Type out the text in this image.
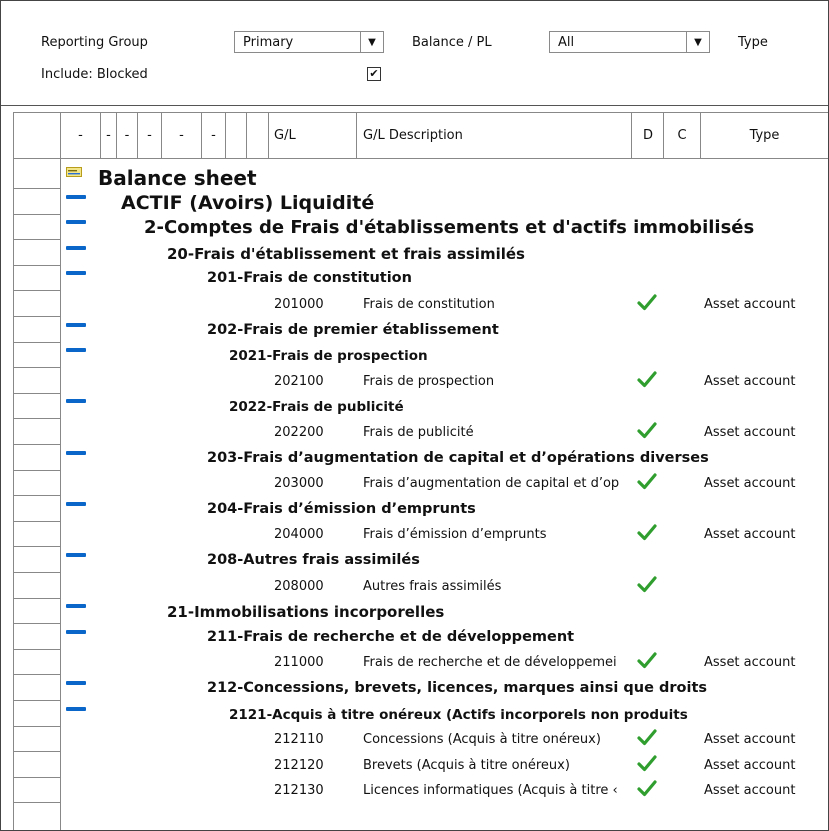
Reporting Group	Primary	▼	Balance / PL	All	▼	Type
Include: Blocked	✔
-	-	-	-	-	-	G/L	G/L Description	D	C	Type
Balance sheet
ACTIF (Avoirs) Liquidité
2-Comptes de Frais d'établissements et d'actifs immobilisés
20-Frais d'établissement et frais assimilés
201-Frais de constitution
201000	Frais de constitution	Asset account
202-Frais de premier établissement
2021-Frais de prospection
202100	Frais de prospection	Asset account
2022-Frais de publicité
202200	Frais de publicité	Asset account
203-Frais d’augmentation de capital et d’opérations diverses
203000	Frais d’augmentation de capital et d’op	Asset account
204-Frais d’émission d’emprunts
204000	Frais d’émission d’emprunts	Asset account
208-Autres frais assimilés
208000	Autres frais assimilés
21-Immobilisations incorporelles
211-Frais de recherche et de développement
211000	Frais de recherche et de développemei	Asset account
212-Concessions, brevets, licences, marques ainsi que droits
2121-Acquis à titre onéreux (Actifs incorporels non produits
212110	Concessions (Acquis à titre onéreux)	Asset account
212120	Brevets (Acquis à titre onéreux)	Asset account
212130	Licences informatiques (Acquis à titre ‹	Asset account
